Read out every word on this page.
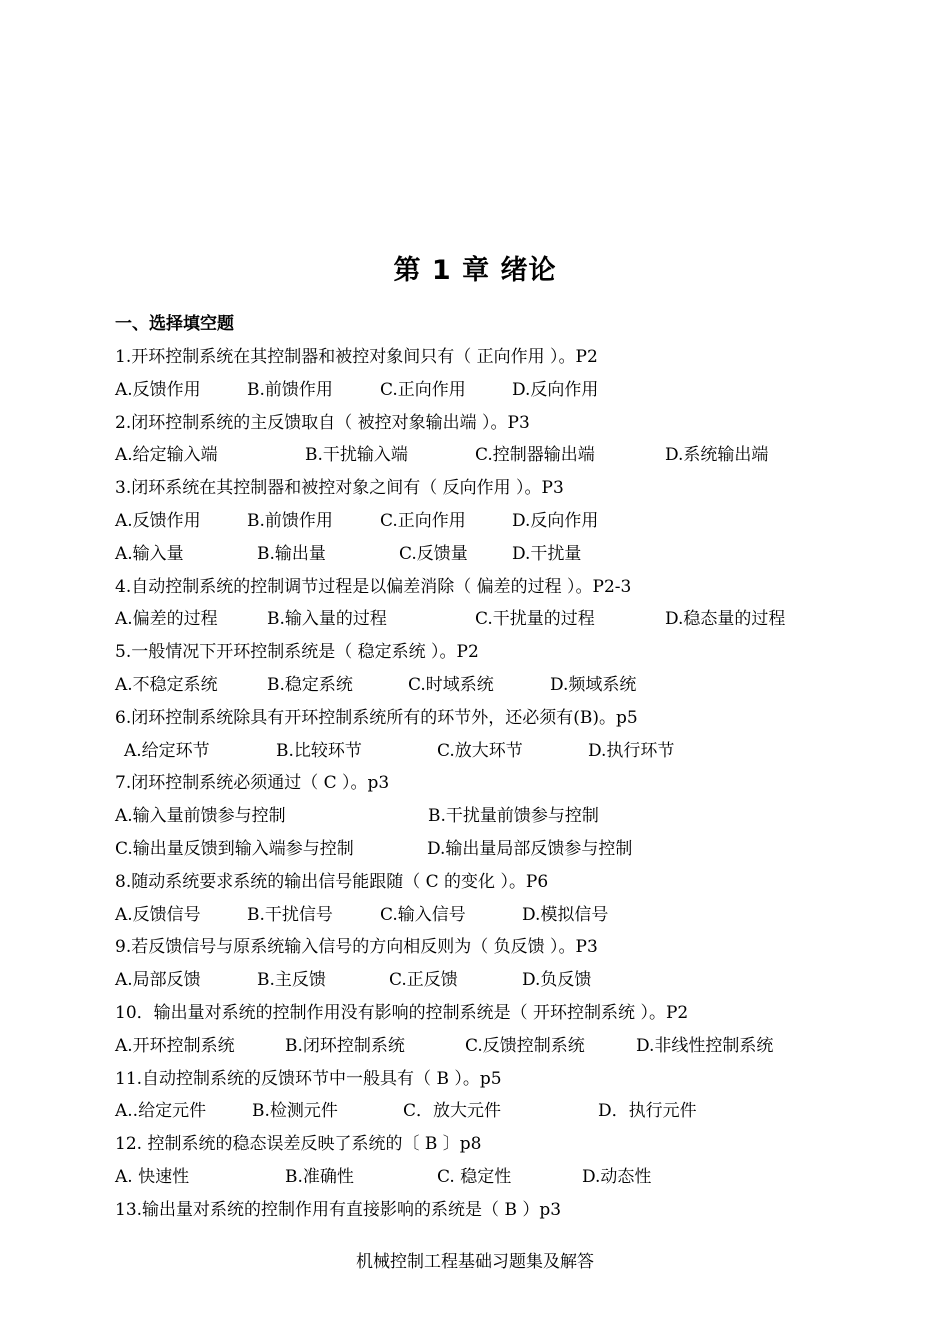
第 1 章 绪论
一、选择填空题
1.开环控制系统在其控制器和被控对象间只有（ 正向作用 ）。P2
A.反馈作用	B.前馈作用	C.正向作用	D.反向作用
2.闭环控制系统的主反馈取自（ 被控对象输出端 ）。P3
A.给定输入端	B.干扰输入端	C.控制器输出端	D.系统输出端
3.闭环系统在其控制器和被控对象之间有（ 反向作用 ）。P3
A.反馈作用	B.前馈作用	C.正向作用	D.反向作用
A.输入量	B.输出量	C.反馈量	D.干扰量
4.自动控制系统的控制调节过程是以偏差消除（ 偏差的过程 ）。P2-3
A.偏差的过程	B.输入量的过程	C.干扰量的过程	D.稳态量的过程
5.一般情况下开环控制系统是（ 稳定系统 ）。P2
A.不稳定系统	B.稳定系统	C.时域系统	D.频域系统
6.闭环控制系统除具有开环控制系统所有的环节外，还必须有(B)。p5
A.给定环节	B.比较环节	C.放大环节	D.执行环节
7.闭环控制系统必须通过（ C ）。p3
A.输入量前馈参与控制	B.干扰量前馈参与控制
C.输出量反馈到输入端参与控制	D.输出量局部反馈参与控制
8.随动系统要求系统的输出信号能跟随（ C 的变化 ）。P6
A.反馈信号	B.干扰信号	C.输入信号	D.模拟信号
9.若反馈信号与原系统输入信号的方向相反则为（ 负反馈 ）。P3
A.局部反馈	B.主反馈	C.正反馈	D.负反馈
10．输出量对系统的控制作用没有影响的控制系统是（ 开环控制系统 ）。P2
A.开环控制系统	B.闭环控制系统	C.反馈控制系统	D.非线性控制系统
11.自动控制系统的反馈环节中一般具有（ B ）。p5
A..给定元件	B.检测元件	C．放大元件	D．执行元件
12. 控制系统的稳态误差反映了系统的〔 B 〕p8
A. 快速性	B.准确性	C. 稳定性	D.动态性
13.输出量对系统的控制作用有直接影响的系统是（ B ）p3
机械控制工程基础习题集及解答
